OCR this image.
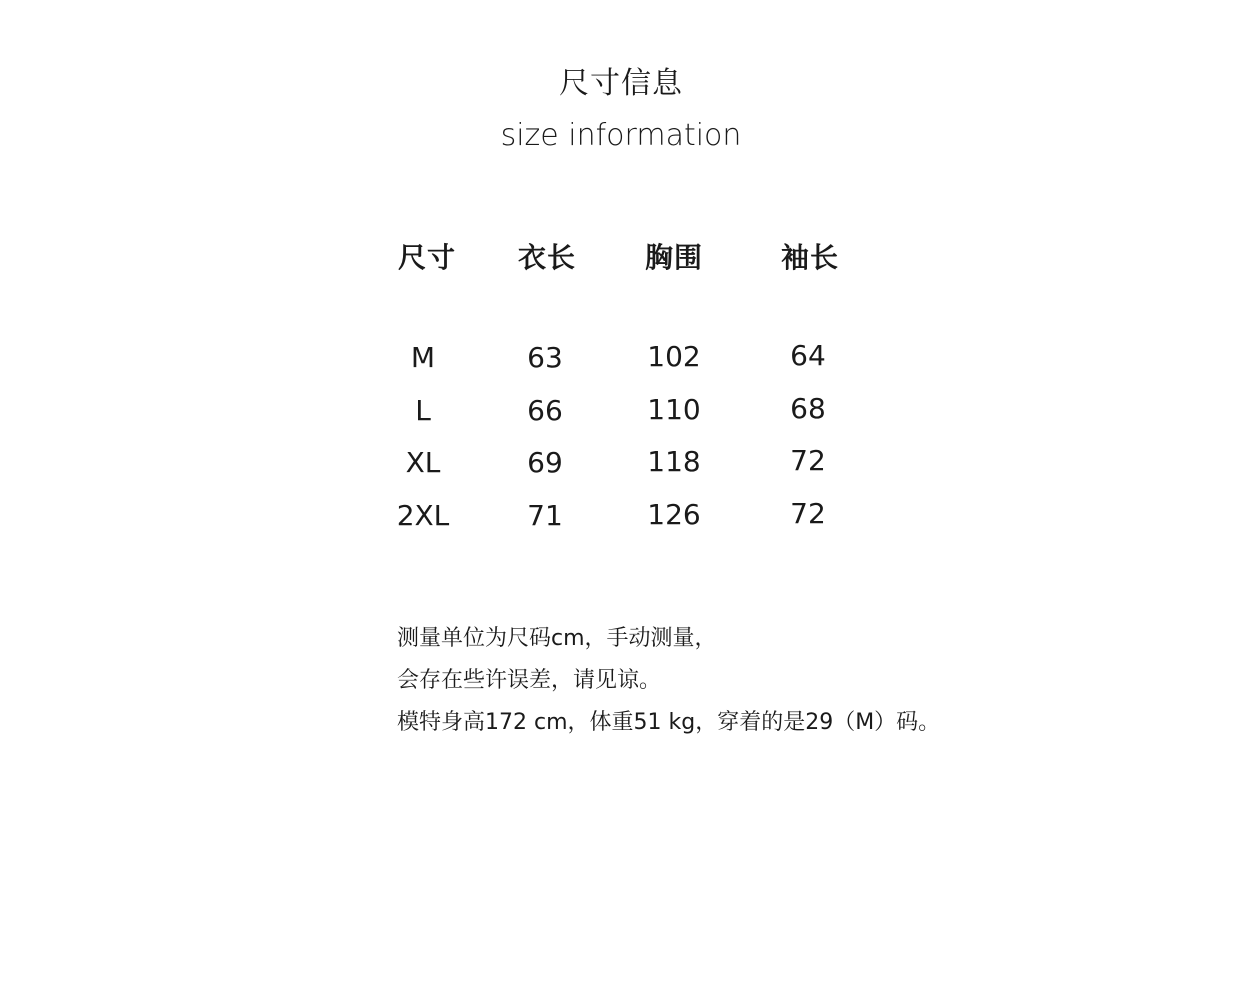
尺寸信息
size information
尺寸	衣长	胸围	袖长
M	63	102	64
L	66	110	68
XL	69	118	72
2XL	71	126	72
测量单位为尺码cm，手动测量，
会存在些许误差，请见谅。
模特身高172 cm，体重51 kg，穿着的是29（M）码。
